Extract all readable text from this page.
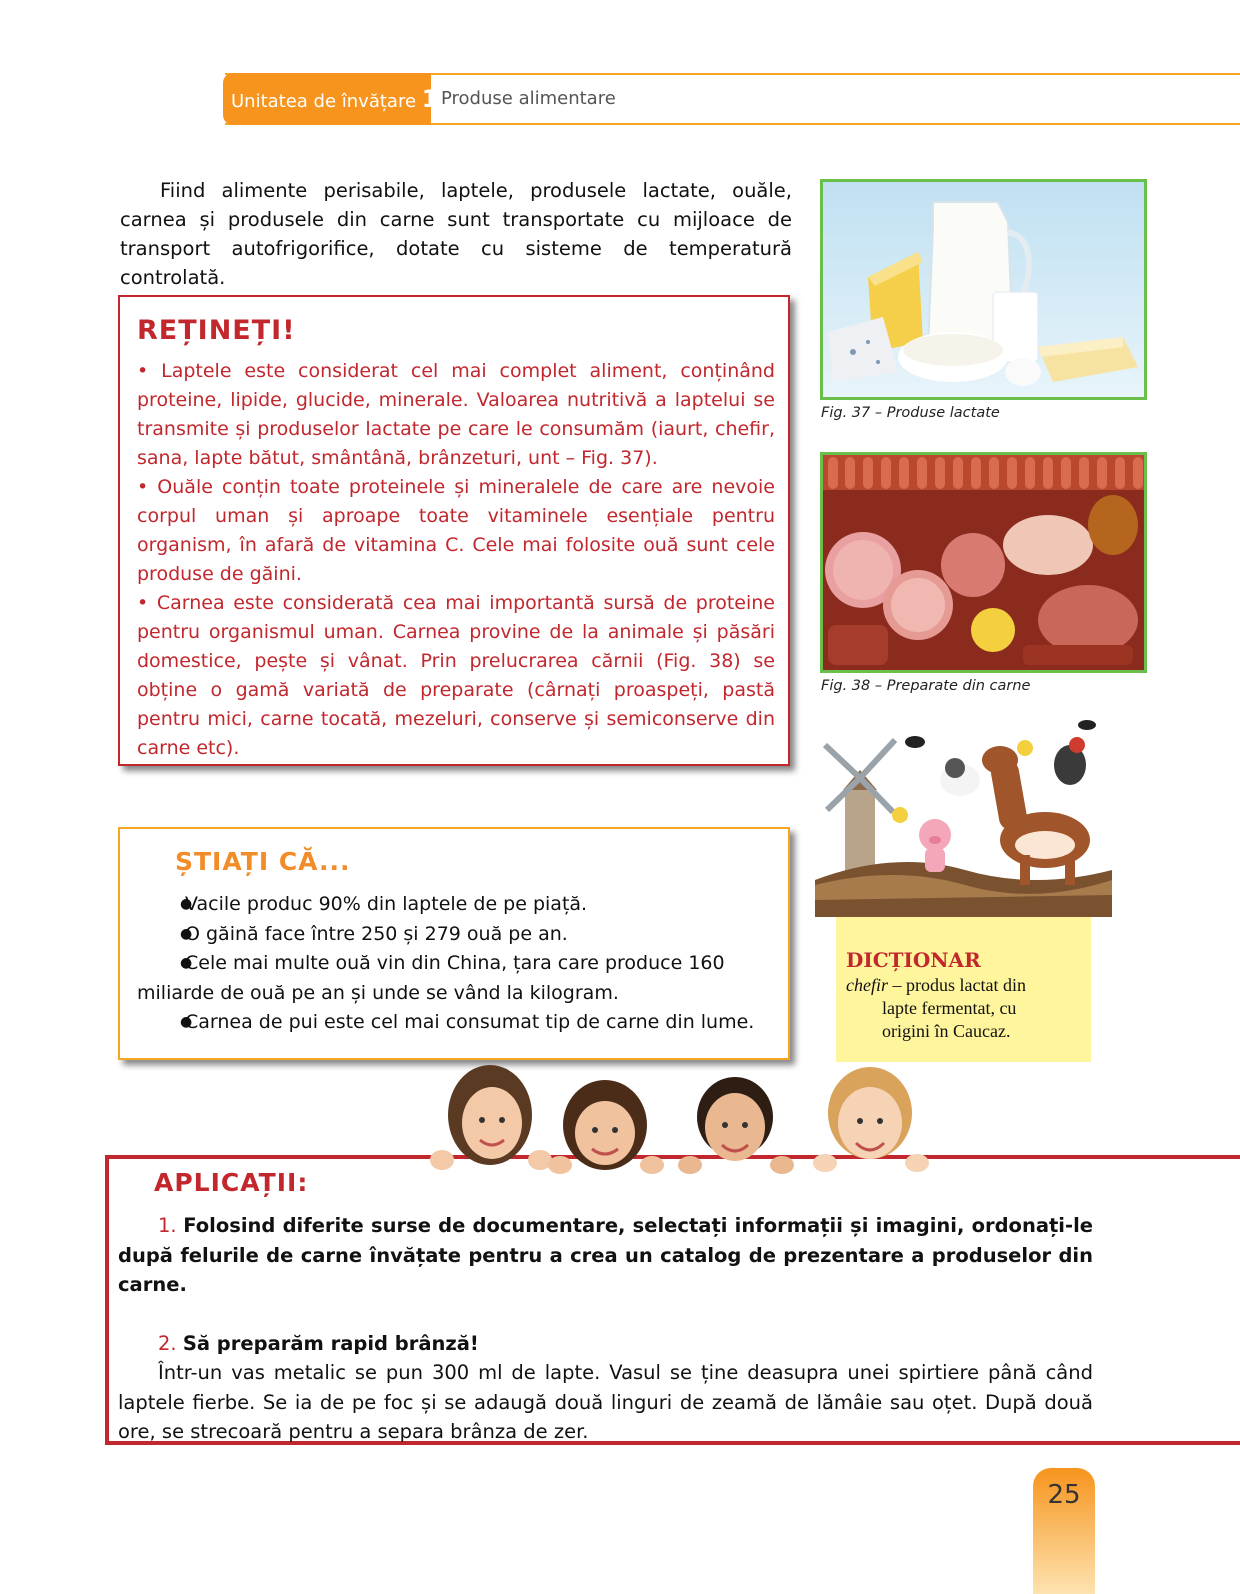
Unitatea de învățare 1 Produse alimentare

Fiind alimente perisabile, laptele, produsele lactate, ouăle, carnea și produsele din carne sunt transportate cu mijloace de transport autofrigorifice, dotate cu sisteme de temperatură controlată.

REȚINEȚI!

• Laptele este considerat cel mai complet aliment, conținând proteine, lipide, glucide, minerale. Valoarea nutritivă a laptelui se transmite și produselor lactate pe care le consumăm (iaurt, chefir, sana, lapte bătut, smântână, brânzeturi, unt – Fig. 37).

• Ouăle conțin toate proteinele și mineralele de care are nevoie corpul uman și aproape toate vitaminele esențiale pentru organism, în afară de vitamina C. Cele mai folosite ouă sunt cele produse de găini.

• Carnea este considerată cea mai importantă sursă de proteine pentru organismul uman. Carnea provine de la animale și păsări domestice, pește și vânat. Prin prelucrarea cărnii (Fig. 38) se obține o gamă variată de preparate (cârnați proaspeți, pastă pentru mici, carne tocată, mezeluri, conserve și semiconserve din carne etc).

ȘTIAȚI CĂ...
● Vacile produc 90% din laptele de pe piață.
● O găină face între 250 și 279 ouă pe an.
● Cele mai multe ouă vin din China, țara care produce 160 miliarde de ouă pe an și unde se vând la kilogram.
● Carnea de pui este cel mai consumat tip de carne din lume.
Fig. 37 – Produse lactate
Fig. 38 – Preparate din carne
DICȚIONAR
chefir – produs lactat din
lapte fermentat, cu
origini în Caucaz.
APLICAȚII:

1. Folosind diferite surse de documentare, selectați informații și imagini, ordonați-le după felurile de carne învățate pentru a crea un catalog de prezentare a produselor din carne.

2. Să preparăm rapid brânză!

Într-un vas metalic se pun 300 ml de lapte. Vasul se ține deasupra unei spirtiere până când laptele fierbe. Se ia de pe foc și se adaugă două linguri de zeamă de lămâie sau oțet. După două ore, se strecoară pentru a separa brânza de zer.

25
